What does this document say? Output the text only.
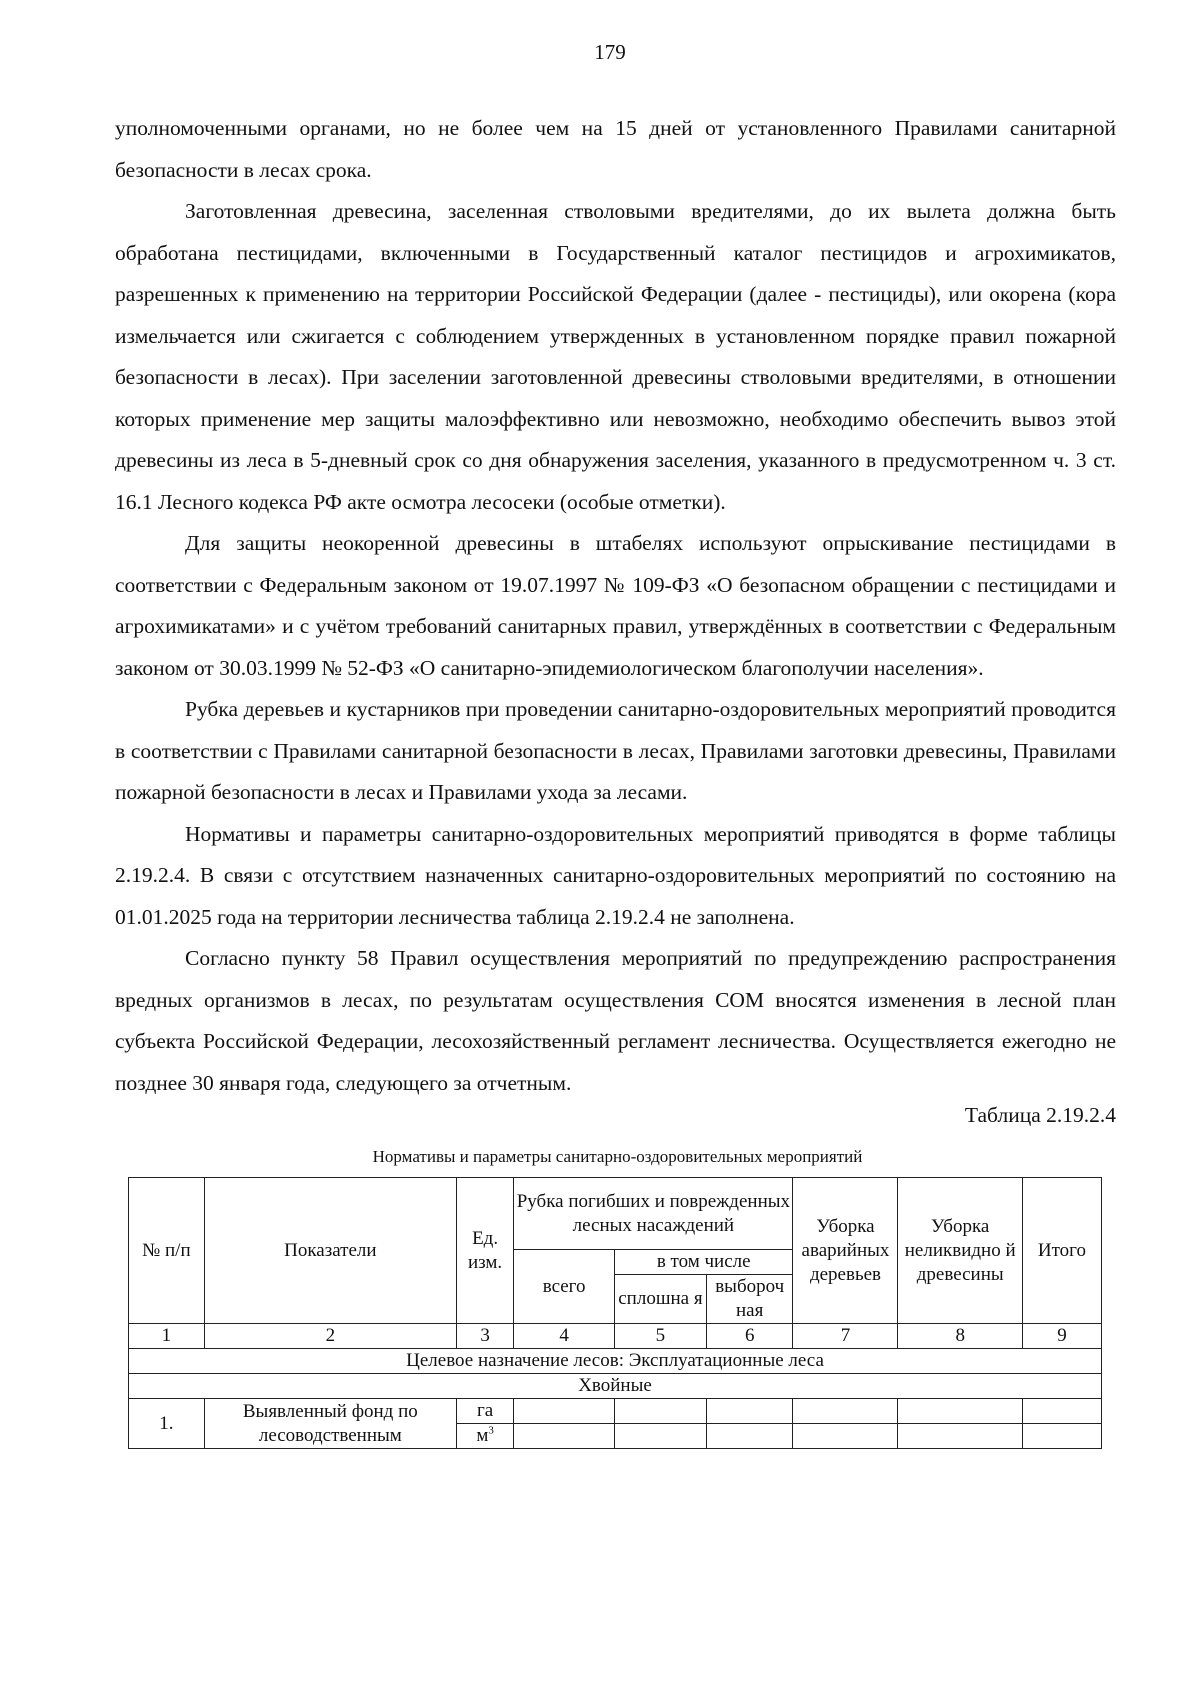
179

уполномоченными органами, но не более чем на 15 дней от установленного Правилами санитарной безопасности в лесах срока.

Заготовленная древесина, заселенная стволовыми вредителями, до их вылета должна быть обработана пестицидами, включенными в Государственный каталог пестицидов и агрохимикатов, разрешенных к применению на территории Российской Федерации (далее - пестициды), или окорена (кора измельчается или сжигается с соблюдением утвержденных в установленном порядке правил пожарной безопасности в лесах). При заселении заготовленной древесины стволовыми вредителями, в отношении которых применение мер защиты малоэффективно или невозможно, необходимо обеспечить вывоз этой древесины из леса в 5-дневный срок со дня обнаружения заселения, указанного в предусмотренном ч. 3 ст. 16.1 Лесного кодекса РФ акте осмотра лесосеки (особые отметки).

Для защиты неокоренной древесины в штабелях используют опрыскивание пестицидами в соответствии с Федеральным законом от 19.07.1997 № 109-ФЗ «О безопасном обращении с пестицидами и агрохимикатами» и с учётом требований санитарных правил, утверждённых в соответствии с Федеральным законом от 30.03.1999 № 52-ФЗ «О санитарно-эпидемиологическом благополучии населения».

Рубка деревьев и кустарников при проведении санитарно-оздоровительных мероприятий проводится в соответствии с Правилами санитарной безопасности в лесах, Правилами заготовки древесины, Правилами пожарной безопасности в лесах и Правилами ухода за лесами.

Нормативы и параметры санитарно-оздоровительных мероприятий приводятся в форме таблицы 2.19.2.4. В связи с отсутствием назначенных санитарно-оздоровительных мероприятий по состоянию на 01.01.2025 года на территории лесничества таблица 2.19.2.4 не заполнена.

Согласно пункту 58 Правил осуществления мероприятий по предупреждению распространения вредных организмов в лесах, по результатам осуществления СОМ вносятся изменения в лесной план субъекта Российской Федерации, лесохозяйственный регламент лесничества. Осуществляется ежегодно не позднее 30 января года, следующего за отчетным.

Таблица 2.19.2.4
Нормативы и параметры санитарно-оздоровительных мероприятий
№ п/п	Показатели	Ед. изм.	Рубка погибших и поврежденных лесных насаждений			Уборка аварийных деревьев	Уборка неликвидно й древесины	Итого
			всего	в том числе				
				сплошна я	выбороч ная			
1	2	3	4	5	6	7	8	9
Целевое назначение лесов: Эксплуатационные леса								
Хвойные								
1.	Выявленный фонд по лесоводственным	га						
		$м^3$						
